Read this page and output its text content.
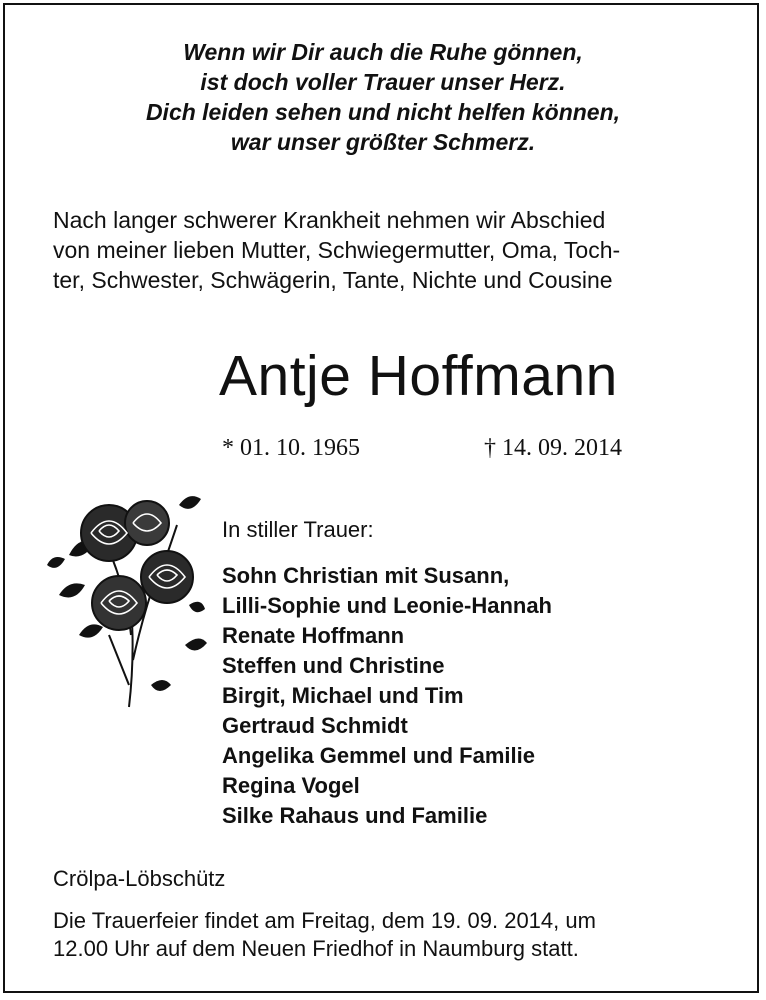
Wenn wir Dir auch die Ruhe gönnen,
ist doch voller Trauer unser Herz.
Dich leiden sehen und nicht helfen können,
war unser größter Schmerz.
Nach langer schwerer Krankheit nehmen wir Abschied
von meiner lieben Mutter, Schwiegermutter, Oma, Toch-
ter, Schwester, Schwägerin, Tante, Nichte und Cousine
Antje Hoffmann
* 01. 10. 1965	† 14. 09. 2014
In stiller Trauer:
Sohn Christian mit Susann,
Lilli-Sophie und Leonie-Hannah
Renate Hoffmann
Steffen und Christine
Birgit, Michael und Tim
Gertraud Schmidt
Angelika Gemmel und Familie
Regina Vogel
Silke Rahaus und Familie
Crölpa-Löbschütz
Die Trauerfeier findet am Freitag, dem 19. 09. 2014, um
12.00 Uhr auf dem Neuen Friedhof in Naumburg statt.
